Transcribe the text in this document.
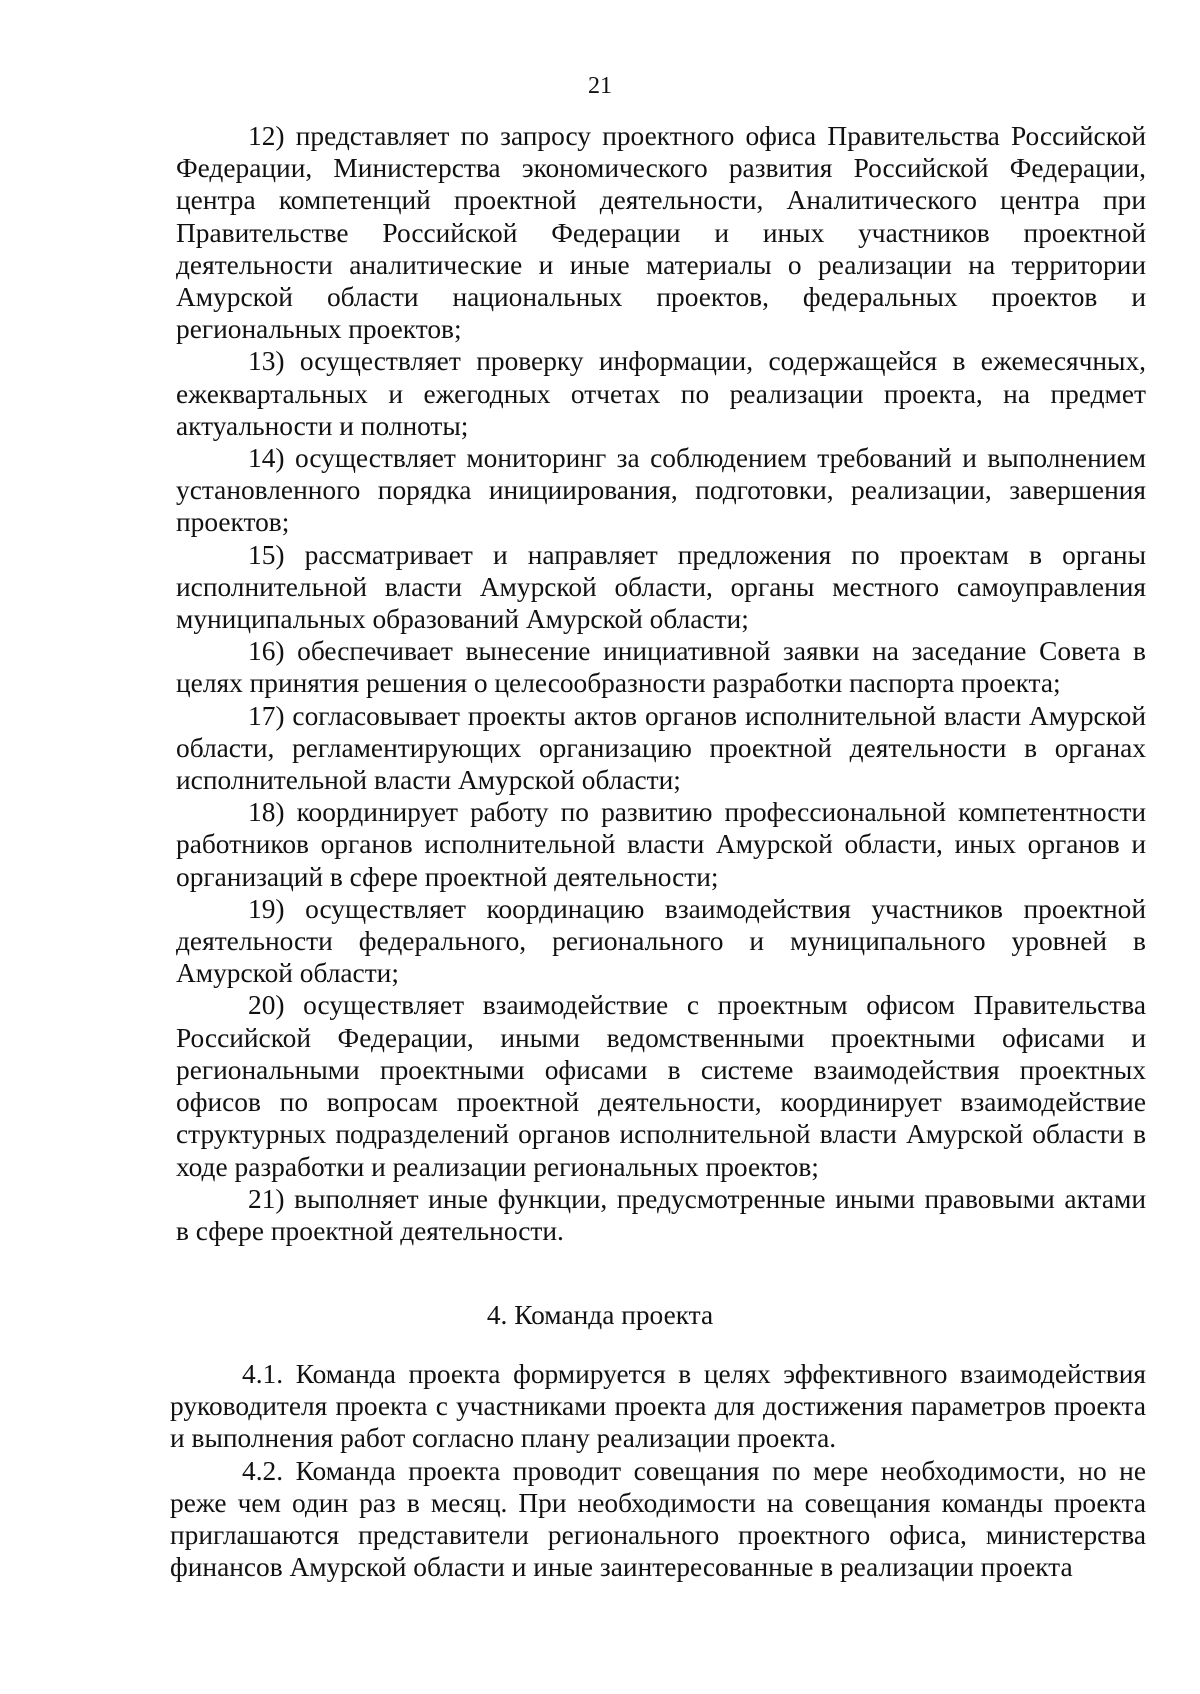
21

12) представляет по запросу проектного офиса Правительства Российской Федерации, Министерства экономического развития Российской Федерации, центра компетенций проектной деятельности, Аналитического центра при Правительстве Российской Федерации и иных участников проектной деятельности аналитические и иные материалы о реализации на территории Амурской области национальных проектов, федеральных проектов и региональных проектов;

13) осуществляет проверку информации, содержащейся в ежемесячных, ежеквартальных и ежегодных отчетах по реализации проекта, на предмет актуальности и полноты;

14) осуществляет мониторинг за соблюдением требований и выполнением установленного порядка инициирования, подготовки, реализации, завершения проектов;

15) рассматривает и направляет предложения по проектам в органы исполнительной власти Амурской области, органы местного самоуправления муниципальных образований Амурской области;

16) обеспечивает вынесение инициативной заявки на заседание Совета в целях принятия решения о целесообразности разработки паспорта проекта;

17) согласовывает проекты актов органов исполнительной власти Амурской области, регламентирующих организацию проектной деятельности в органах исполнительной власти Амурской области;

18) координирует работу по развитию профессиональной компетентности работников органов исполнительной власти Амурской области, иных органов и организаций в сфере проектной деятельности;

19) осуществляет координацию взаимодействия участников проектной деятельности федерального, регионального и муниципального уровней в Амурской области;

20) осуществляет взаимодействие с проектным офисом Правительства Российской Федерации, иными ведомственными проектными офисами и региональными проектными офисами в системе взаимодействия проектных офисов по вопросам проектной деятельности, координирует взаимодействие структурных подразделений органов исполнительной власти Амурской области в ходе разработки и реализации региональных проектов;

21) выполняет иные функции, предусмотренные иными правовыми актами в сфере проектной деятельности.

4. Команда проекта

4.1. Команда проекта формируется в целях эффективного взаимодействия руководителя проекта с участниками проекта для достижения параметров проекта и выполнения работ согласно плану реализации проекта.

4.2. Команда проекта проводит совещания по мере необходимости, но не реже чем один раз в месяц. При необходимости на совещания команды проекта приглашаются представители регионального проектного офиса, министерства финансов Амурской области и иные заинтересованные в реализации проекта
